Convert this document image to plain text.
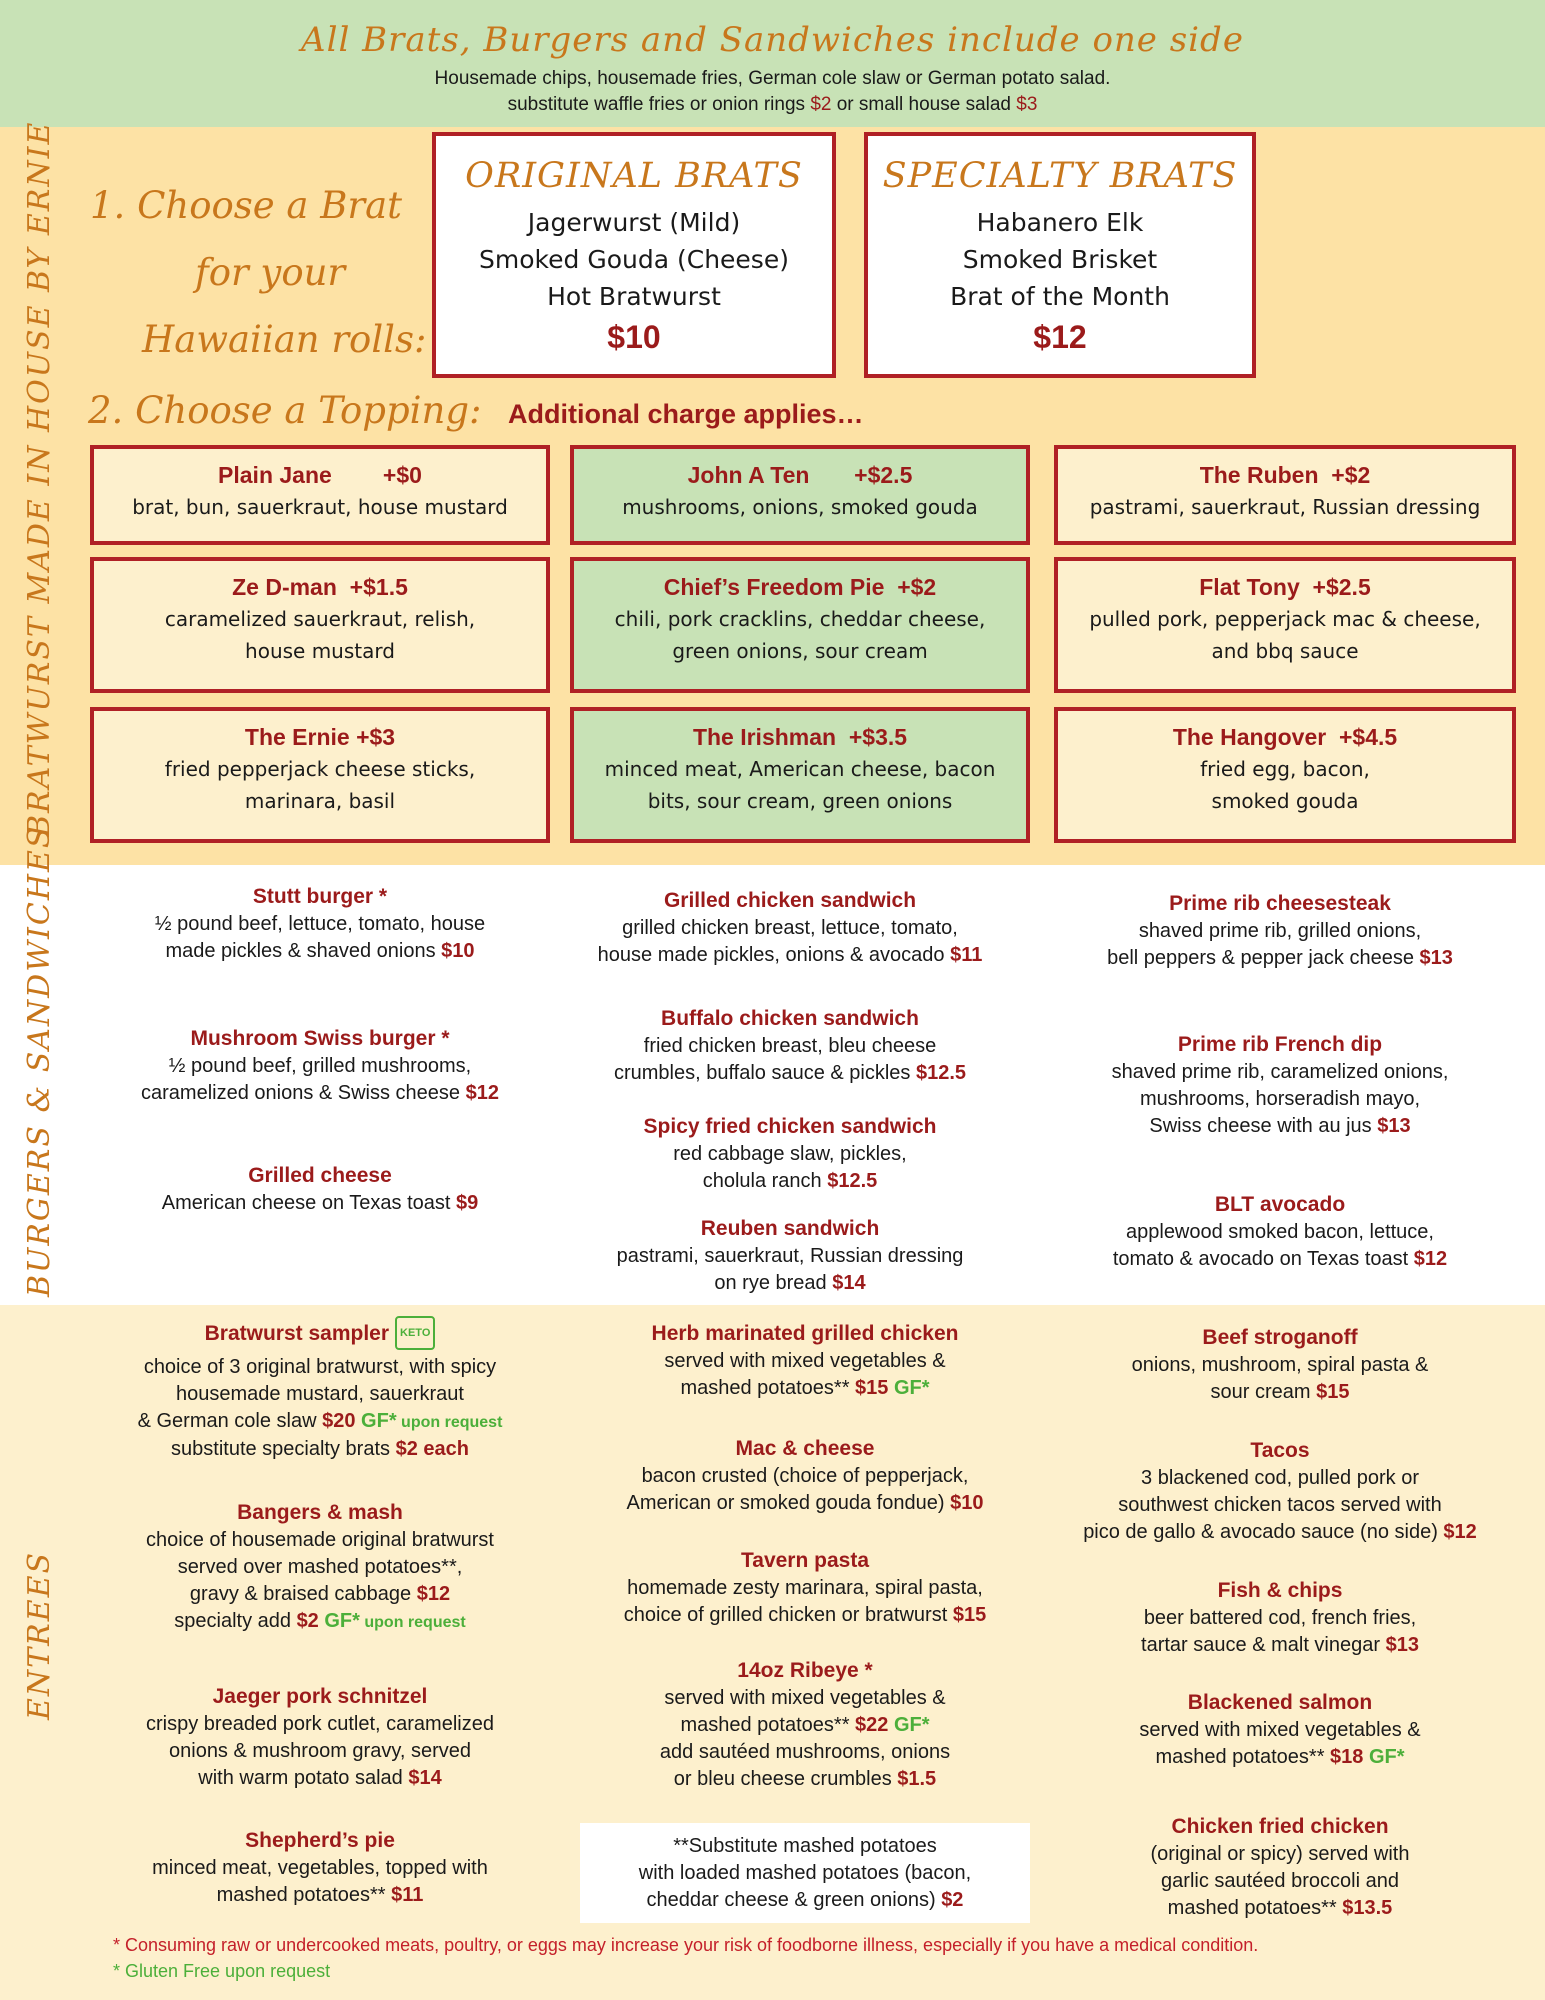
All Brats, Burgers and Sandwiches include one side
Housemade chips, housemade fries, German cole slaw or German potato salad.
substitute waffle fries or onion rings $2 or small house salad $3
BRATWURST MADE IN HOUSE BY ERNIE 1. Choose a Brat
for your
Hawaiian rolls:
ORIGINAL BRATS
Jagerwurst (Mild)
Smoked Gouda (Cheese)
Hot Bratwurst
$10
SPECIALTY BRATS
Habanero Elk
Smoked Brisket
Brat of the Month
$12
2. Choose a Topping: Additional charge applies…
Plain Jane        +$0
brat, bun, sauerkraut, house mustard
John A Ten       +$2.5
mushrooms, onions, smoked gouda
The Ruben  +$2
pastrami, sauerkraut, Russian dressing
Ze D-man  +$1.5
caramelized sauerkraut, relish,
house mustard
Chief’s Freedom Pie  +$2
chili, pork cracklins, cheddar cheese,
green onions, sour cream
Flat Tony  +$2.5
pulled pork, pepperjack mac & cheese,
and bbq sauce
The Ernie +$3
fried pepperjack cheese sticks,
marinara, basil
The Irishman  +$3.5
minced meat, American cheese, bacon
bits, sour cream, green onions
The Hangover  +$4.5
fried egg, bacon,
smoked gouda
BURGERS & SANDWICHES	Stutt burger *
½ pound beef, lettuce, tomato, house
made pickles & shaved onions $10
Mushroom Swiss burger *
½ pound beef, grilled mushrooms,
caramelized onions & Swiss cheese $12
Grilled cheese
American cheese on Texas toast $9
Grilled chicken sandwich
grilled chicken breast, lettuce, tomato,
house made pickles, onions & avocado $11
Buffalo chicken sandwich
fried chicken breast, bleu cheese
crumbles, buffalo sauce & pickles $12.5
Spicy fried chicken sandwich
red cabbage slaw, pickles,
cholula ranch $12.5
Reuben sandwich
pastrami, sauerkraut, Russian dressing
on rye bread $14
Prime rib cheesesteak
shaved prime rib, grilled onions,
bell peppers & pepper jack cheese $13
Prime rib French dip
shaved prime rib, caramelized onions,
mushrooms, horseradish mayo,
Swiss cheese with au jus $13
BLT avocado
applewood smoked bacon, lettuce,
tomato & avocado on Texas toast $12
ENTREES
Bratwurst sampler KETO
choice of 3 original bratwurst, with spicy
housemade mustard, sauerkraut
& German cole slaw $20 GF* upon request
substitute specialty brats $2 each
Bangers & mash
choice of housemade original bratwurst
served over mashed potatoes**,
gravy & braised cabbage $12
specialty add $2 GF* upon request
Jaeger pork schnitzel
crispy breaded pork cutlet, caramelized
onions & mushroom gravy, served
with warm potato salad $14
Shepherd’s pie
minced meat, vegetables, topped with
mashed potatoes** $11
Herb marinated grilled chicken
served with mixed vegetables &
mashed potatoes** $15 GF*
Mac & cheese
bacon crusted (choice of pepperjack,
American or smoked gouda fondue) $10
Tavern pasta
homemade zesty marinara, spiral pasta,
choice of grilled chicken or bratwurst $15
14oz Ribeye *
served with mixed vegetables &
mashed potatoes** $22 GF*
add sautéed mushrooms, onions
or bleu cheese crumbles $1.5
**Substitute mashed potatoes
with loaded mashed potatoes (bacon,
cheddar cheese & green onions) $2
Beef stroganoff
onions, mushroom, spiral pasta &
sour cream $15
Tacos
3 blackened cod, pulled pork or
southwest chicken tacos served with
pico de gallo & avocado sauce (no side) $12
Fish & chips
beer battered cod, french fries,
tartar sauce & malt vinegar $13
Blackened salmon
served with mixed vegetables &
mashed potatoes** $18 GF*
Chicken fried chicken
(original or spicy) served with
garlic sautéed broccoli and
mashed potatoes** $13.5
* Consuming raw or undercooked meats, poultry, or eggs may increase your risk of foodborne illness, especially if you have a medical condition.
* Gluten Free upon request
